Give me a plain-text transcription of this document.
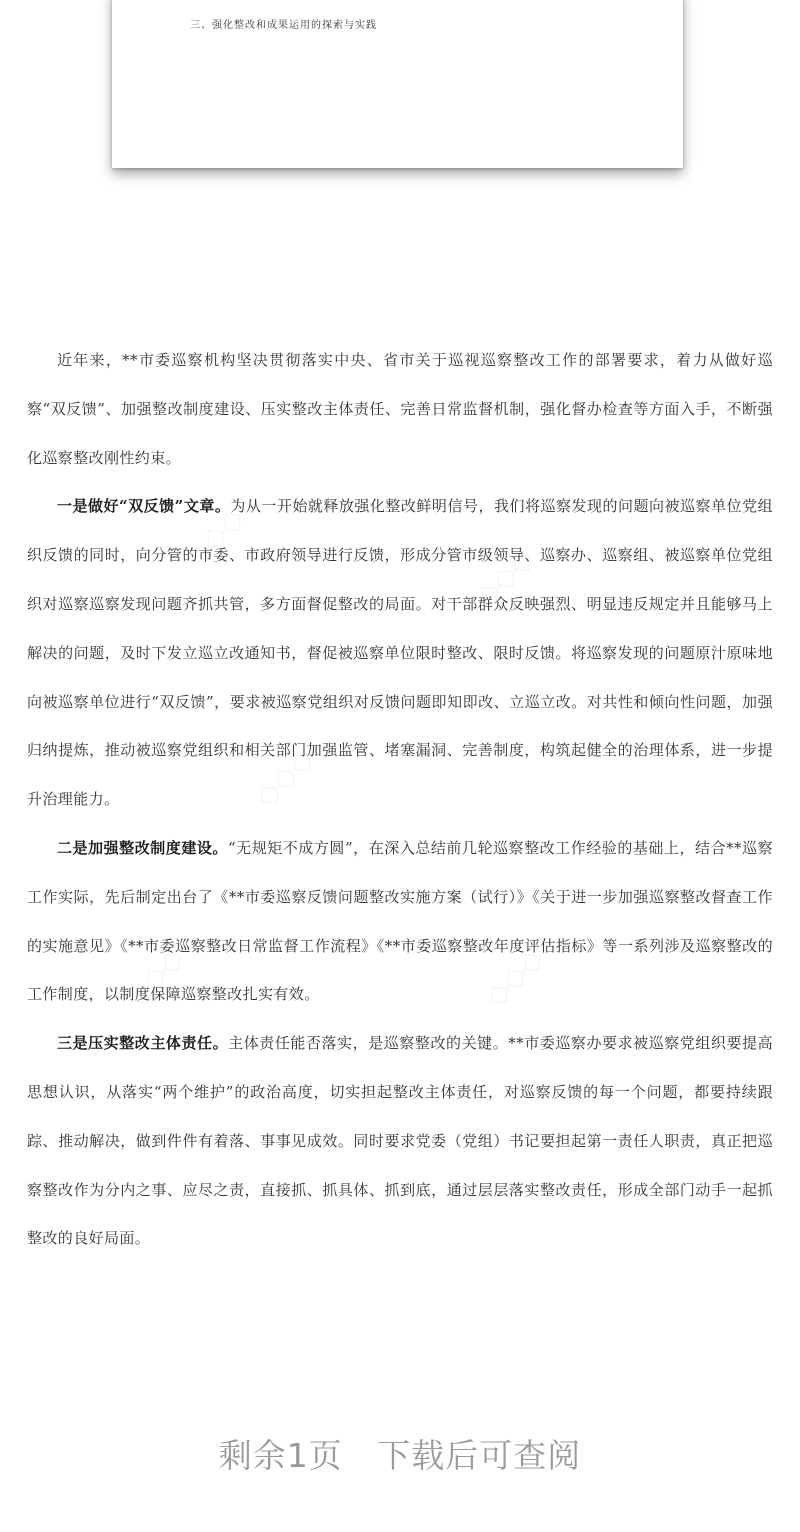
三、强化整改和成果运用的探索与实践

近年来，**市委巡察机构坚决贯彻落实中央、省市关于巡视巡察整改工作的部署要求，着力从做好巡察“双反馈”、加强整改制度建设、压实整改主体责任、完善日常监督机制，强化督办检查等方面入手，不断强化巡察整改刚性约束。

一是做好“双反馈”文章。为从一开始就释放强化整改鲜明信号，我们将巡察发现的问题向被巡察单位党组织反馈的同时，向分管的市委、市政府领导进行反馈，形成分管市级领导、巡察办、巡察组、被巡察单位党组织对巡察巡察发现问题齐抓共管，多方面督促整改的局面。对干部群众反映强烈、明显违反规定并且能够马上解决的问题，及时下发立巡立改通知书，督促被巡察单位限时整改、限时反馈。将巡察发现的问题原汁原味地向被巡察单位进行“双反馈”，要求被巡察党组织对反馈问题即知即改、立巡立改。对共性和倾向性问题，加强归纳提炼，推动被巡察党组织和相关部门加强监管、堵塞漏洞、完善制度，构筑起健全的治理体系，进一步提升治理能力。

二是加强整改制度建设。“无规矩不成方圆”，在深入总结前几轮巡察整改工作经验的基础上，结合**巡察工作实际，先后制定出台了《**市委巡察反馈问题整改实施方案（试行）》《关于进一步加强巡察整改督查工作的实施意见》《**市委巡察整改日常监督工作流程》《**市委巡察整改年度评估指标》等一系列涉及巡察整改的工作制度，以制度保障巡察整改扎实有效。

三是压实整改主体责任。主体责任能否落实，是巡察整改的关键。**市委巡察办要求被巡察党组织要提高思想认识，从落实“两个维护”的政治高度，切实担起整改主体责任，对巡察反馈的每一个问题，都要持续跟踪、推动解决，做到件件有着落、事事见成效。同时要求党委（党组）书记要担起第一责任人职责，真正把巡察整改作为分内之事、应尽之责，直接抓、抓具体、抓到底，通过层层落实整改责任，形成全部门动手一起抓整改的良好局面。

剩余1页   下载后可查阅
